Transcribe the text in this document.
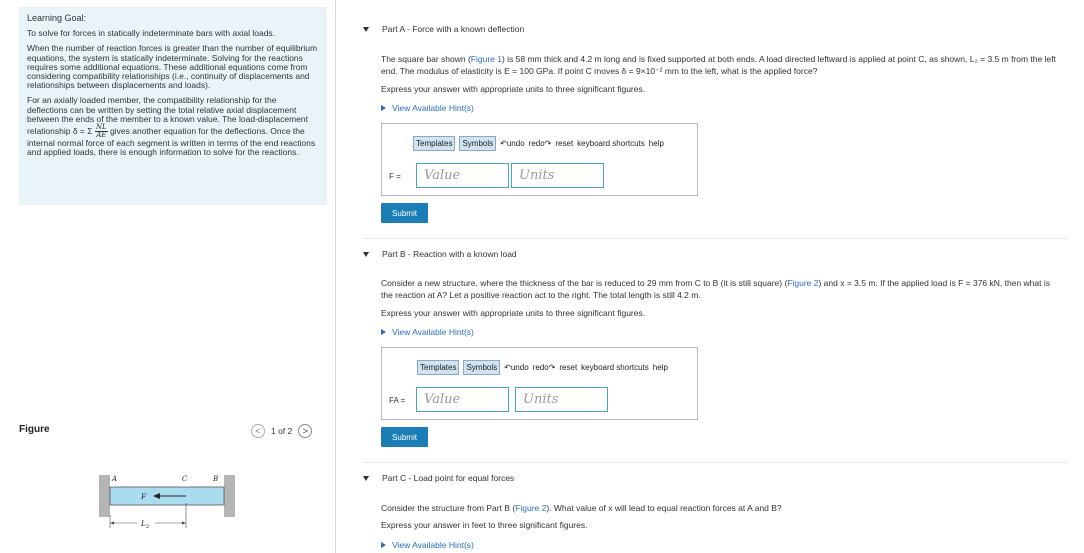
Learning Goal:
To solve for forces in statically indeterminate bars with axial loads.
When the number of reaction forces is greater than the number of equilibrium equations, the system is statically indeterminate. Solving for the reactions requires some additional equations. These additional equations come from considering compatibility relationships (i.e., continuity of displacements and relationships between displacements and loads).
For an axially loaded member, the compatibility relationship for the deflections can be written by setting the total relative axial displacement between the ends of the member to a known value. The load-displacement relationship δ = Σ $\frac{NL}{AE}$ gives another equation for the deflections. Once the internal normal force of each segment is written in terms of the end reactions and applied loads, there is enough information to solve for the reactions.
Figure	<	1 of 2	>
A	C	B
F
$L_2$
Part A - Force with a known deflection
The square bar shown (Figure 1) is 58 mm thick and 4.2 m long and is fixed supported at both ends. A load directed leftward is applied at point C, as shown, L₂ = 3.5 m from the left end. The modulus of elasticity is E = 100 GPa. If point C moves δ = 9×10⁻² mm to the left, what is the applied force?
Express your answer with appropriate units to three significant figures.
View Available Hint(s)
Templates	Symbols ↶undo redo↷ reset keyboard shortcuts help
F =	Value	Units
Submit
Part B - Reaction with a known load
Consider a new structure, where the thickness of the bar is reduced to 29 mm from C to B (it is still square) (Figure 2) and x = 3.5 m. If the applied load is F = 376 kN, then what is the reaction at A? Let a positive reaction act to the right. The total length is still 4.2 m.
Express your answer with appropriate units to three significant figures.
View Available Hint(s)
Templates	Symbols ↶undo redo↷ reset keyboard shortcuts help
FA =	Value	Units
Submit
Part C - Load point for equal forces
Consider the structure from Part B (Figure 2). What value of x will lead to equal reaction forces at A and B?
Express your answer in feet to three significant figures.
View Available Hint(s)
